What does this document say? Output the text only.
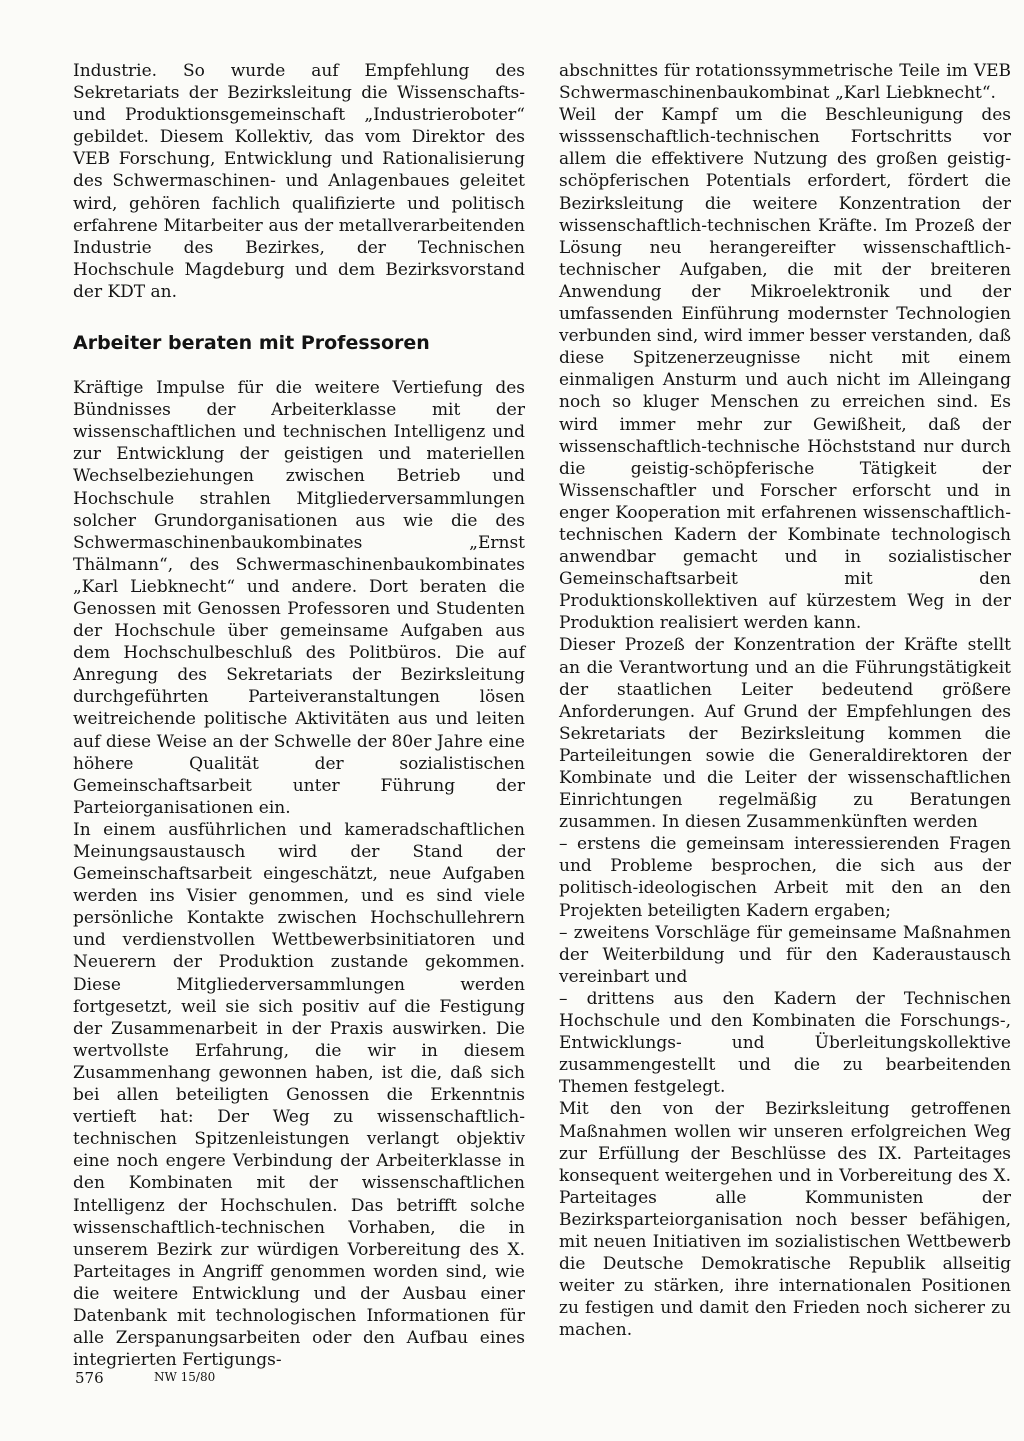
Industrie. So wurde auf Empfehlung des Sekretariats der Bezirksleitung die Wissenschafts- und Produktionsgemeinschaft „Industrieroboter“ gebildet. Diesem Kollektiv, das vom Direktor des VEB Forschung, Entwicklung und Rationalisierung des Schwermaschinen- und Anlagenbaues geleitet wird, gehören fachlich qualifizierte und politisch erfahrene Mitarbeiter aus der metallverarbeitenden Industrie des Bezirkes, der Technischen Hochschule Magdeburg und dem Bezirksvorstand der KDT an.

Arbeiter beraten mit Professoren

Kräftige Impulse für die weitere Vertiefung des Bündnisses der Arbeiterklasse mit der wissenschaftlichen und technischen Intelligenz und zur Entwicklung der geistigen und materiellen Wechselbeziehungen zwischen Betrieb und Hochschule strahlen Mitgliederversammlungen solcher Grundorganisationen aus wie die des Schwermaschinenbaukombinates „Ernst Thälmann“, des Schwermaschinenbaukombinates „Karl Liebknecht“ und andere. Dort beraten die Genossen mit Genossen Professoren und Studenten der Hochschule über gemeinsame Aufgaben aus dem Hochschulbeschluß des Politbüros. Die auf Anregung des Sekretariats der Bezirksleitung durchgeführten Parteiveranstaltungen lösen weitreichende politische Aktivitäten aus und leiten auf diese Weise an der Schwelle der 80er Jahre eine höhere Qualität der sozialistischen Gemeinschaftsarbeit unter Führung der Parteiorganisationen ein.

In einem ausführlichen und kameradschaftlichen Meinungsaustausch wird der Stand der Gemeinschaftsarbeit eingeschätzt, neue Aufgaben werden ins Visier genommen, und es sind viele persönliche Kontakte zwischen Hochschullehrern und verdienstvollen Wettbewerbsinitiatoren und Neuerern der Produktion zustande gekommen. Diese Mitgliederversammlungen werden fortgesetzt, weil sie sich positiv auf die Festigung der Zusammenarbeit in der Praxis auswirken. Die wertvollste Erfahrung, die wir in diesem Zusammenhang gewonnen haben, ist die, daß sich bei allen beteiligten Genossen die Erkenntnis vertieft hat: Der Weg zu wissenschaftlich-technischen Spitzenleistungen verlangt objektiv eine noch engere Verbindung der Arbeiterklasse in den Kombinaten mit der wissenschaftlichen Intelligenz der Hochschulen. Das betrifft solche wissenschaftlich-technischen Vorhaben, die in unserem Bezirk zur würdigen Vorbereitung des X. Parteitages in Angriff genommen worden sind, wie die weitere Entwicklung und der Ausbau einer Datenbank mit technologischen Informationen für alle Zerspanungsarbeiten oder den Aufbau eines integrierten Fertigungs-

abschnittes für rotationssymmetrische Teile im VEB Schwermaschinenbaukombinat „Karl Liebknecht“.

Weil der Kampf um die Beschleunigung des wisssenschaftlich-technischen Fortschritts vor allem die effektivere Nutzung des großen geistig-schöpferischen Potentials erfordert, fördert die Bezirksleitung die weitere Konzentration der wissenschaftlich-technischen Kräfte. Im Prozeß der Lösung neu herangereifter wissenschaftlich-technischer Aufgaben, die mit der breiteren Anwendung der Mikroelektronik und der umfassenden Einführung modernster Technologien verbunden sind, wird immer besser verstanden, daß diese Spitzenerzeugnisse nicht mit einem einmaligen Ansturm und auch nicht im Alleingang noch so kluger Menschen zu erreichen sind. Es wird immer mehr zur Gewißheit, daß der wissenschaftlich-technische Höchststand nur durch die geistig-schöpferische Tätigkeit der Wissenschaftler und Forscher erforscht und in enger Kooperation mit erfahrenen wissenschaftlich-technischen Kadern der Kombinate technologisch anwendbar gemacht und in sozialistischer Gemeinschaftsarbeit mit den Produktionskollektiven auf kürzestem Weg in der Produktion realisiert werden kann.

Dieser Prozeß der Konzentration der Kräfte stellt an die Verantwortung und an die Führungstätigkeit der staatlichen Leiter bedeutend größere Anforderungen. Auf Grund der Empfehlungen des Sekretariats der Bezirksleitung kommen die Parteileitungen sowie die Generaldirektoren der Kombinate und die Leiter der wissenschaftlichen Einrichtungen regelmäßig zu Beratungen zusammen. In diesen Zusammenkünften werden

– erstens die gemeinsam interessierenden Fragen und Probleme besprochen, die sich aus der politisch-ideologischen Arbeit mit den an den Projekten beteiligten Kadern ergaben;

– zweitens Vorschläge für gemeinsame Maßnahmen der Weiterbildung und für den Kaderaustausch vereinbart und

– drittens aus den Kadern der Technischen Hochschule und den Kombinaten die Forschungs-, Entwicklungs- und Überleitungskollektive zusammengestellt und die zu bearbeitenden Themen festgelegt.

Mit den von der Bezirksleitung getroffenen Maßnahmen wollen wir unseren erfolgreichen Weg zur Erfüllung der Beschlüsse des IX. Parteitages konsequent weitergehen und in Vorbereitung des X. Parteitages alle Kommunisten der Bezirksparteiorganisation noch besser befähigen, mit neuen Initiativen im sozialistischen Wettbewerb die Deutsche Demokratische Republik allseitig weiter zu stärken, ihre internationalen Positionen zu festigen und damit den Frieden noch sicherer zu machen.

576	NW 15/80
